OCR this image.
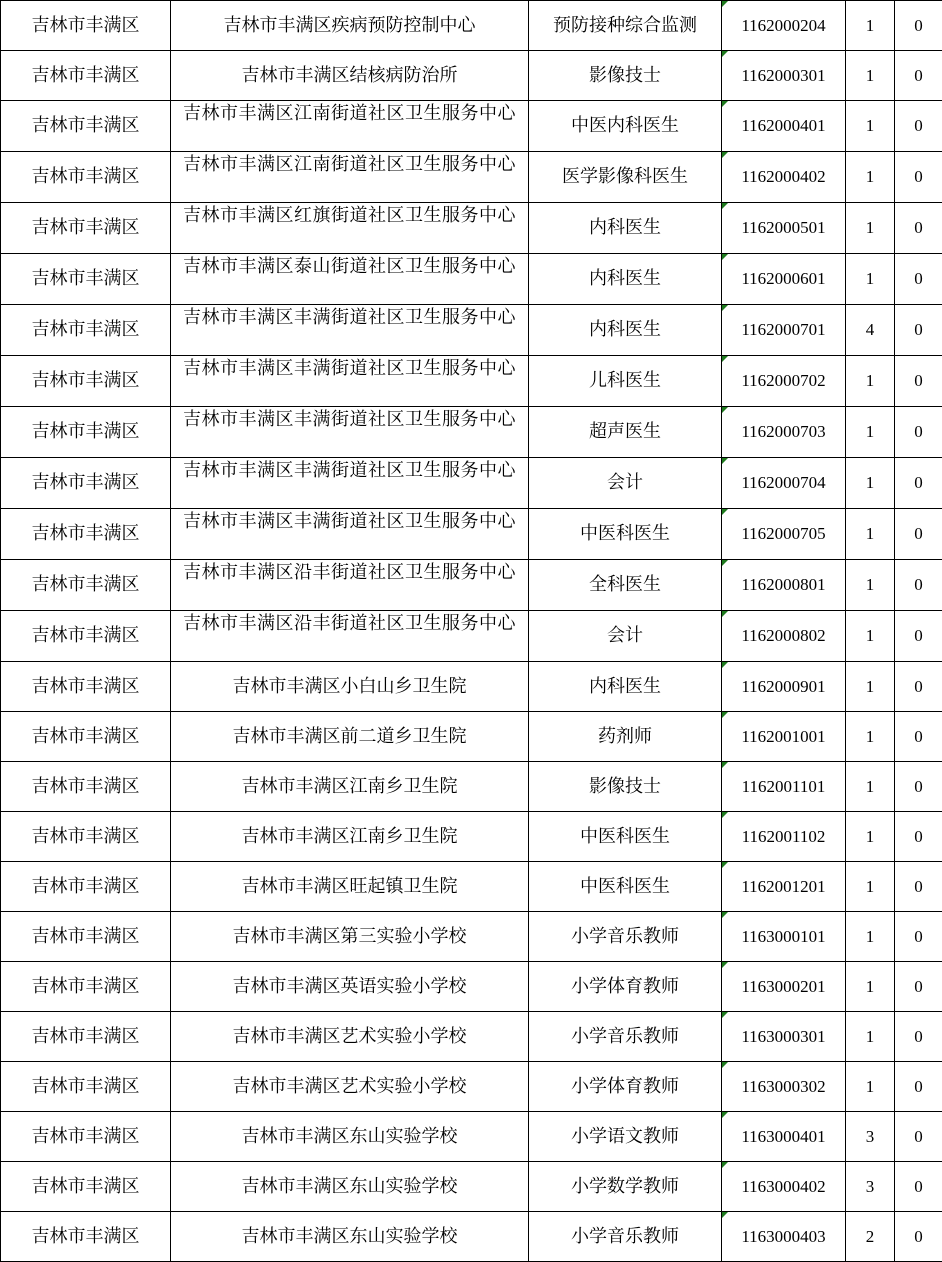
吉林市丰满区	吉林市丰满区疾病预防控制中心	预防接种综合监测	1162000204	1	0
吉林市丰满区	吉林市丰满区结核病防治所	影像技士	1162000301	1	0
吉林市丰满区	吉林市丰满区江南街道社区卫生服务中心	中医内科医生	1162000401	1	0
吉林市丰满区	吉林市丰满区江南街道社区卫生服务中心	医学影像科医生	1162000402	1	0
吉林市丰满区	吉林市丰满区红旗街道社区卫生服务中心	内科医生	1162000501	1	0
吉林市丰满区	吉林市丰满区泰山街道社区卫生服务中心	内科医生	1162000601	1	0
吉林市丰满区	吉林市丰满区丰满街道社区卫生服务中心	内科医生	1162000701	4	0
吉林市丰满区	吉林市丰满区丰满街道社区卫生服务中心	儿科医生	1162000702	1	0
吉林市丰满区	吉林市丰满区丰满街道社区卫生服务中心	超声医生	1162000703	1	0
吉林市丰满区	吉林市丰满区丰满街道社区卫生服务中心	会计	1162000704	1	0
吉林市丰满区	吉林市丰满区丰满街道社区卫生服务中心	中医科医生	1162000705	1	0
吉林市丰满区	吉林市丰满区沿丰街道社区卫生服务中心	全科医生	1162000801	1	0
吉林市丰满区	吉林市丰满区沿丰街道社区卫生服务中心	会计	1162000802	1	0
吉林市丰满区	吉林市丰满区小白山乡卫生院	内科医生	1162000901	1	0
吉林市丰满区	吉林市丰满区前二道乡卫生院	药剂师	1162001001	1	0
吉林市丰满区	吉林市丰满区江南乡卫生院	影像技士	1162001101	1	0
吉林市丰满区	吉林市丰满区江南乡卫生院	中医科医生	1162001102	1	0
吉林市丰满区	吉林市丰满区旺起镇卫生院	中医科医生	1162001201	1	0
吉林市丰满区	吉林市丰满区第三实验小学校	小学音乐教师	1163000101	1	0
吉林市丰满区	吉林市丰满区英语实验小学校	小学体育教师	1163000201	1	0
吉林市丰满区	吉林市丰满区艺术实验小学校	小学音乐教师	1163000301	1	0
吉林市丰满区	吉林市丰满区艺术实验小学校	小学体育教师	1163000302	1	0
吉林市丰满区	吉林市丰满区东山实验学校	小学语文教师	1163000401	3	0
吉林市丰满区	吉林市丰满区东山实验学校	小学数学教师	1163000402	3	0
吉林市丰满区	吉林市丰满区东山实验学校	小学音乐教师	1163000403	2	0
